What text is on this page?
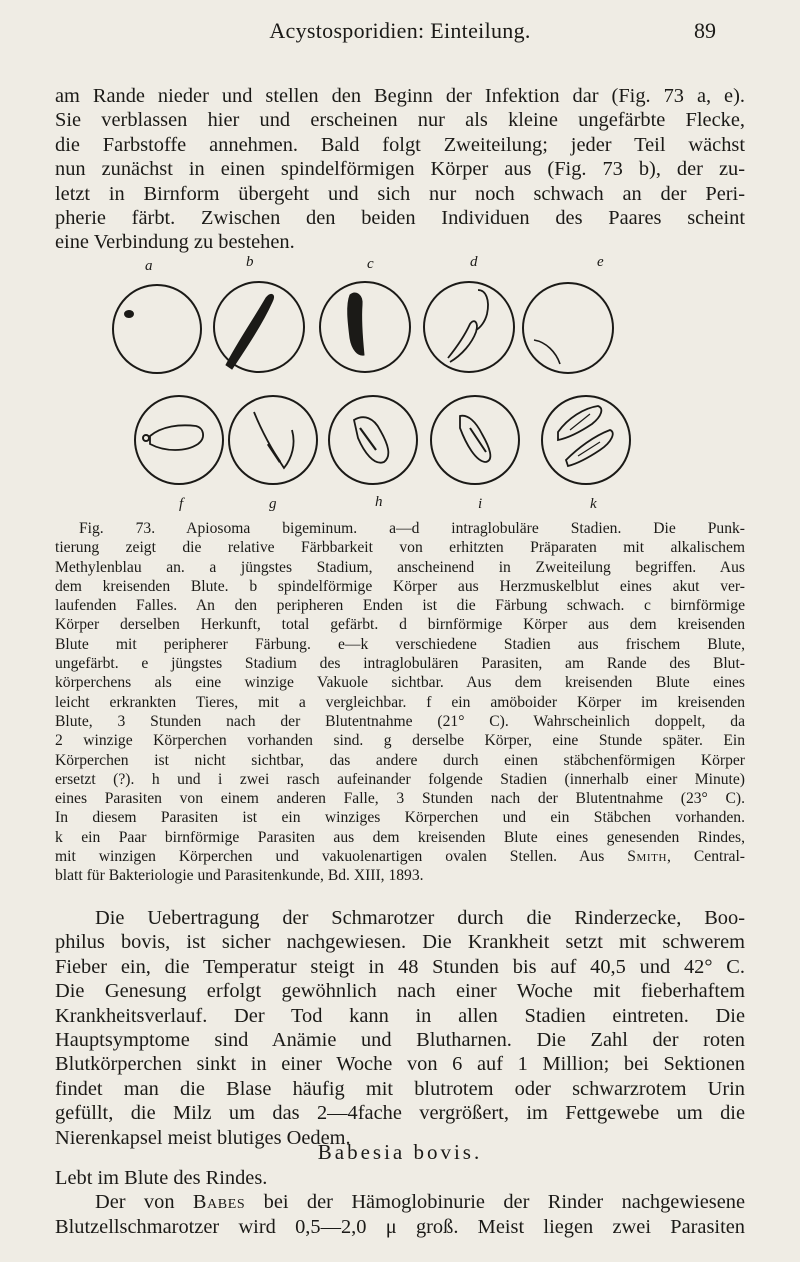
Acystosporidien: Einteilung.	89
am Rande nieder und stellen den Beginn der Infektion dar (Fig. 73 a, e).
Sie verblassen hier und erscheinen nur als kleine ungefärbte Flecke,
die Farbstoffe annehmen. Bald folgt Zweiteilung; jeder Teil wächst
nun zunächst in einen spindelförmigen Körper aus (Fig. 73 b), der zu-
letzt in Birnform übergeht und sich nur noch schwach an der Peri-
pherie färbt. Zwischen den beiden Individuen des Paares scheint
eine Verbindung zu bestehen.
a	b	c	d	e
f	g	h	i	k
Fig. 73. Apiosoma bigeminum. a—d intraglobuläre Stadien. Die Punk-
tierung zeigt die relative Färbbarkeit von erhitzten Präparaten mit alkalischem
Methylenblau an. a jüngstes Stadium, anscheinend in Zweiteilung begriffen. Aus
dem kreisenden Blute. b spindelförmige Körper aus Herzmuskelblut eines akut ver-
laufenden Falles. An den peripheren Enden ist die Färbung schwach. c birnförmige
Körper derselben Herkunft, total gefärbt. d birnförmige Körper aus dem kreisenden
Blute mit peripherer Färbung. e—k verschiedene Stadien aus frischem Blute,
ungefärbt. e jüngstes Stadium des intraglobulären Parasiten, am Rande des Blut-
körperchens als eine winzige Vakuole sichtbar. Aus dem kreisenden Blute eines
leicht erkrankten Tieres, mit a vergleichbar. f ein amöboider Körper im kreisenden
Blute, 3 Stunden nach der Blutentnahme (21° C). Wahrscheinlich doppelt, da
2 winzige Körperchen vorhanden sind. g derselbe Körper, eine Stunde später. Ein
Körperchen ist nicht sichtbar, das andere durch einen stäbchenförmigen Körper
ersetzt (?). h und i zwei rasch aufeinander folgende Stadien (innerhalb einer Minute)
eines Parasiten von einem anderen Falle, 3 Stunden nach der Blutentnahme (23° C).
In diesem Parasiten ist ein winziges Körperchen und ein Stäbchen vorhanden.
k ein Paar birnförmige Parasiten aus dem kreisenden Blute eines genesenden Rindes,
mit winzigen Körperchen und vakuolenartigen ovalen Stellen. Aus Smith, Central-
blatt für Bakteriologie und Parasitenkunde, Bd. XIII, 1893.
Die Uebertragung der Schmarotzer durch die Rinderzecke, Boo-
philus bovis, ist sicher nachgewiesen. Die Krankheit setzt mit schwerem
Fieber ein, die Temperatur steigt in 48 Stunden bis auf 40,5 und 42° C.
Die Genesung erfolgt gewöhnlich nach einer Woche mit fieberhaftem
Krankheitsverlauf. Der Tod kann in allen Stadien eintreten. Die
Hauptsymptome sind Anämie und Blutharnen. Die Zahl der roten
Blutkörperchen sinkt in einer Woche von 6 auf 1 Million; bei Sektionen
findet man die Blase häufig mit blutrotem oder schwarzrotem Urin
gefüllt, die Milz um das 2—4fache vergrößert, im Fettgewebe um die
Nierenkapsel meist blutiges Oedem.
Babesia bovis.
Lebt im Blute des Rindes.
Der von Babes bei der Hämoglobinurie der Rinder nachgewiesene
Blutzellschmarotzer wird 0,5—2,0 μ groß. Meist liegen zwei Parasiten
